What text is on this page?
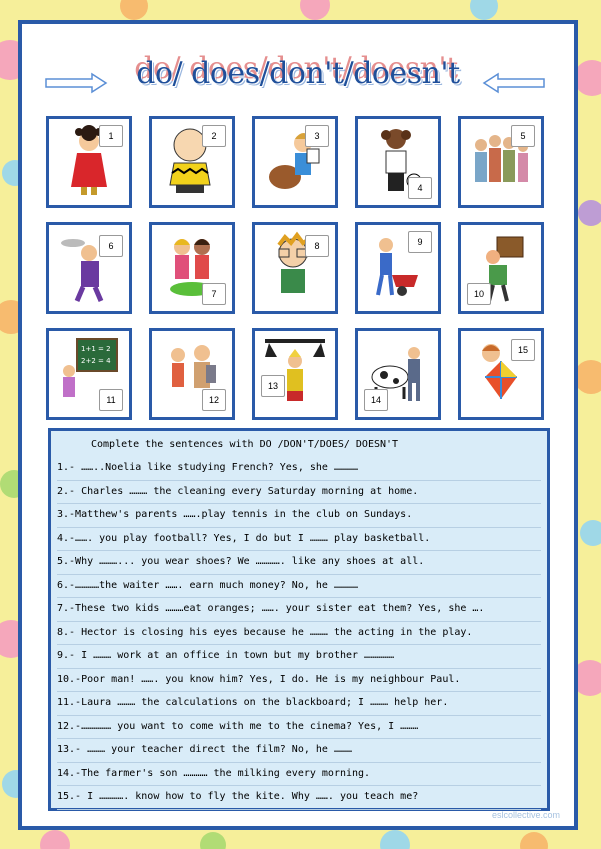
do/ does/don't/doesn't
1	2	3
4
5
6
7
8	9
10
1+1 = 2
2+2 = 4
11	12
13
14
15
Complete the sentences with DO /DON'T/DOES/ DOESN'T
1.- ……..Noelia like studying French? Yes, she …………
2.- Charles ……… the cleaning every Saturday morning at home.
3.-Matthew's parents …….play tennis in the club on Sundays.
4.-……. you play football? Yes, I do but I ……… play basketball.
5.-Why ………... you wear shoes? We …………. like any shoes at all.
6.-…………the waiter ……. earn much money? No, he …………
7.-These two kids ………eat oranges; ……. your sister eat them? Yes, she ….
8.- Hector is closing his eyes because he ……… the acting in the play.
9.- I ……… work at an office in town but my brother ……………
10.-Poor man! ……. you know him? Yes, I do. He is my neighbour Paul.
11.-Laura ……… the calculations on the blackboard; I ……… help her.
12.-…………… you want to come with me to the cinema? Yes, I ………
13.- ……… your teacher direct the film? No, he ………
14.-The farmer's son ………… the milking every morning.
15.- I …………. know how to fly the kite. Why ……. you teach me?
eslcollective.com
